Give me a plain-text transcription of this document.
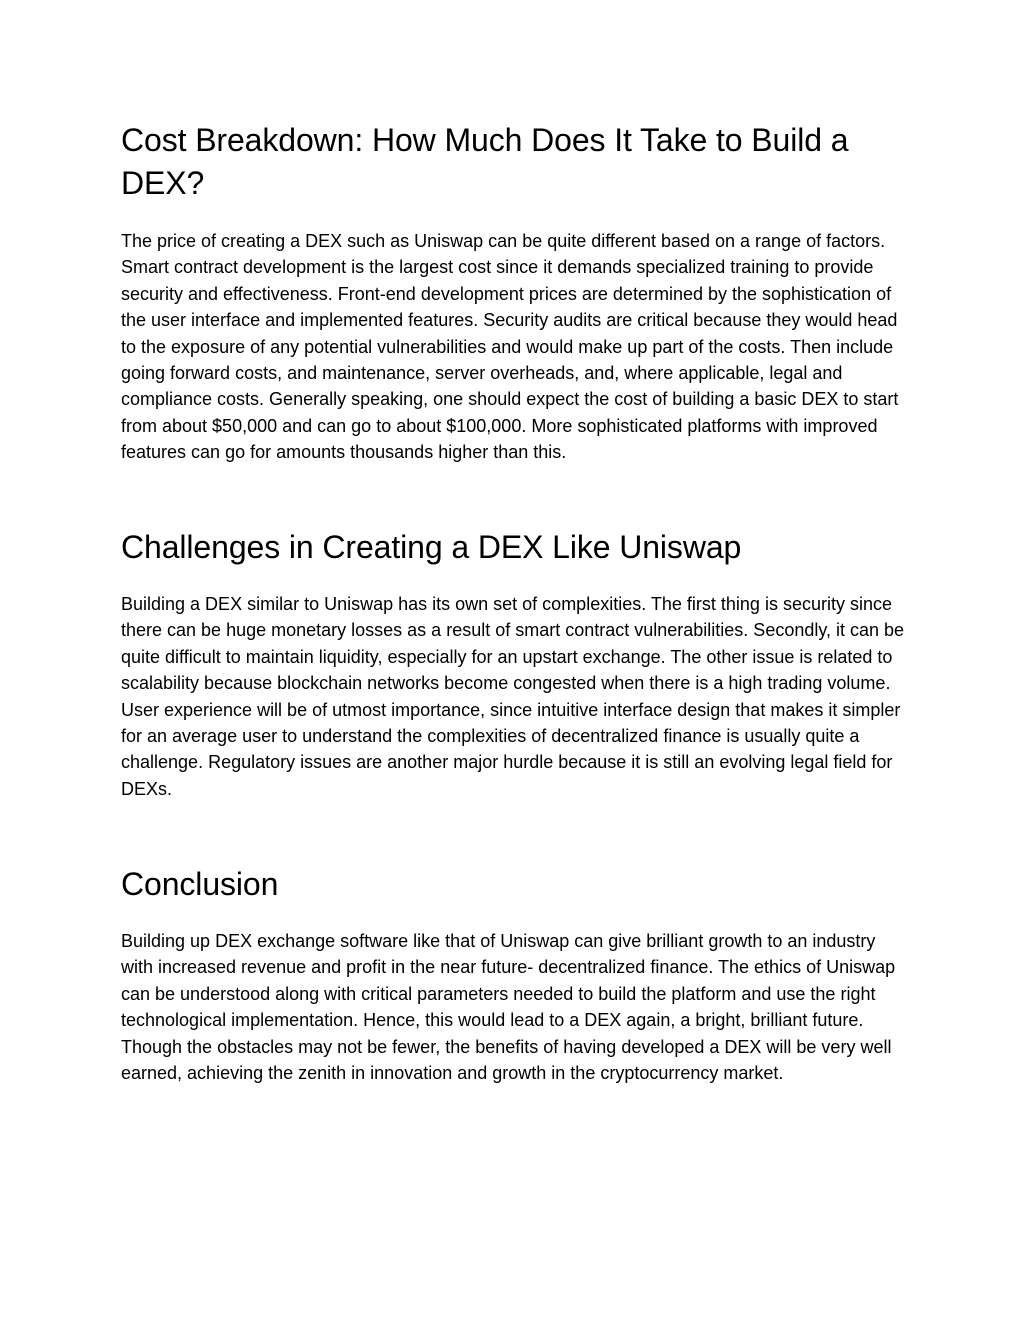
Cost Breakdown: How Much Does It Take to Build a DEX?

The price of creating a DEX such as Uniswap can be quite different based on a range of factors. Smart contract development is the largest cost since it demands specialized training to provide security and effectiveness. Front-end development prices are determined by the sophistication of the user interface and implemented features. Security audits are critical because they would head to the exposure of any potential vulnerabilities and would make up part of the costs. Then include going forward costs, and maintenance, server overheads, and, where applicable, legal and compliance costs. Generally speaking, one should expect the cost of building a basic DEX to start from about $50,000 and can go to about $100,000. More sophisticated platforms with improved features can go for amounts thousands higher than this.

Challenges in Creating a DEX Like Uniswap

Building a DEX similar to Uniswap has its own set of complexities. The first thing is security since there can be huge monetary losses as a result of smart contract vulnerabilities. Secondly, it can be quite difficult to maintain liquidity, especially for an upstart exchange. The other issue is related to scalability because blockchain networks become congested when there is a high trading volume. User experience will be of utmost importance, since intuitive interface design that makes it simpler for an average user to understand the complexities of decentralized finance is usually quite a challenge. Regulatory issues are another major hurdle because it is still an evolving legal field for DEXs.

Conclusion

Building up DEX exchange software like that of Uniswap can give brilliant growth to an industry with increased revenue and profit in the near future- decentralized finance. The ethics of Uniswap can be understood along with critical parameters needed to build the platform and use the right technological implementation. Hence, this would lead to a DEX again, a bright, brilliant future. Though the obstacles may not be fewer, the benefits of having developed a DEX will be very well earned, achieving the zenith in innovation and growth in the cryptocurrency market.
